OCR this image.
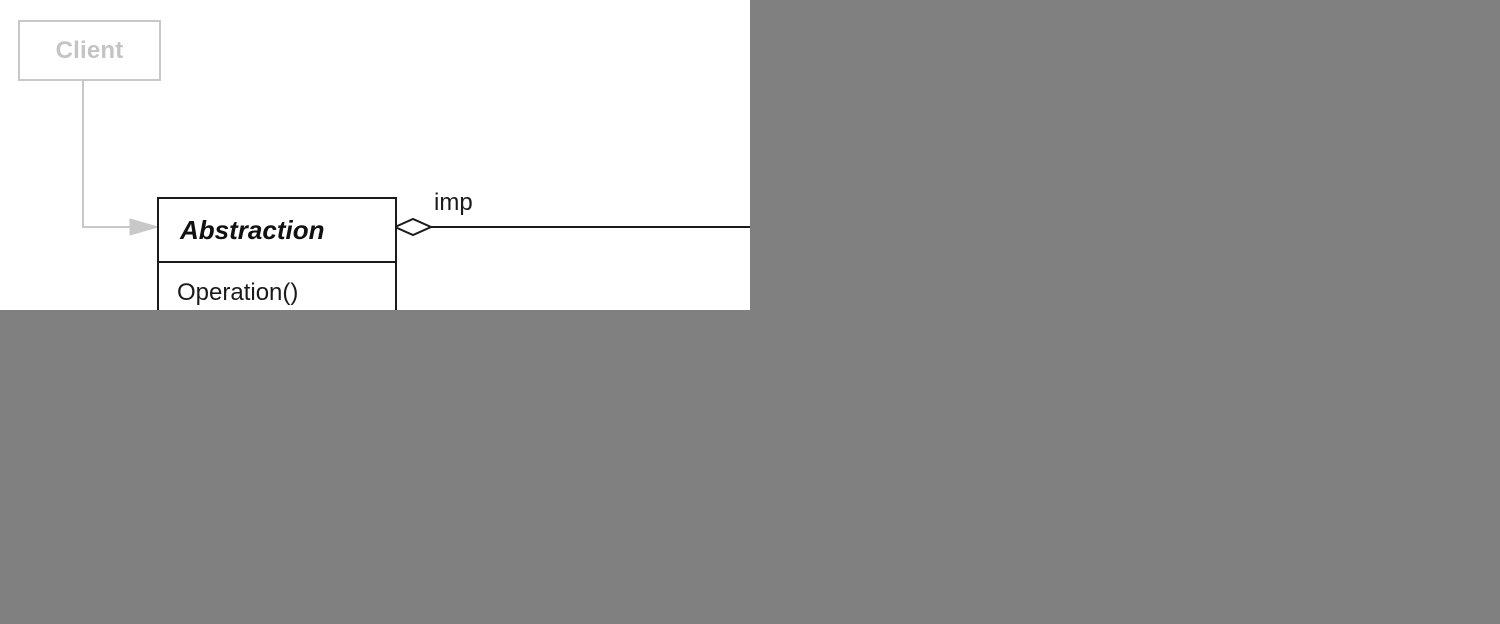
Client
Abstraction
Operation()
imp
